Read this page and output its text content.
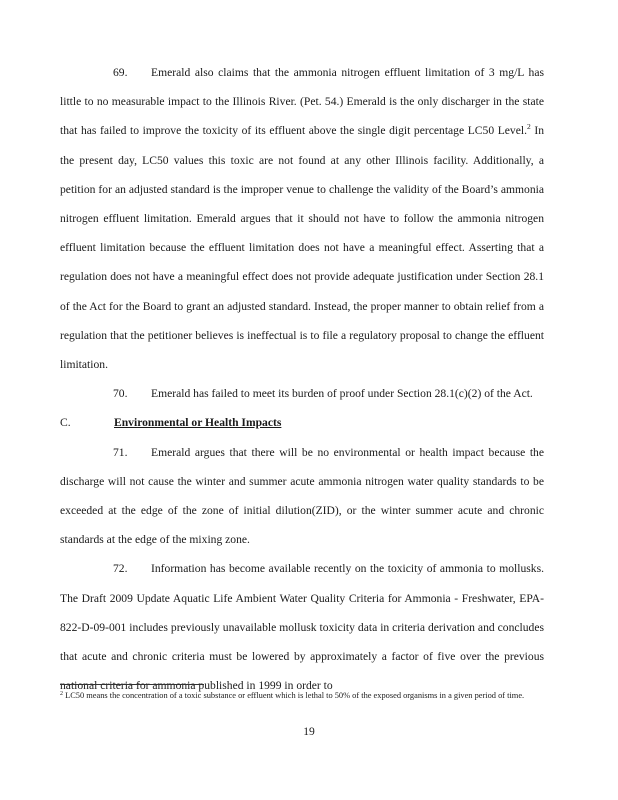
69. Emerald also claims that the ammonia nitrogen effluent limitation of 3 mg/L has little to no measurable impact to the Illinois River. (Pet. 54.) Emerald is the only discharger in the state that has failed to improve the toxicity of its effluent above the single digit percentage LC50 Level.$^2$ In the present day, LC50 values this toxic are not found at any other Illinois facility. Additionally, a petition for an adjusted standard is the improper venue to challenge the validity of the Board’s ammonia nitrogen effluent limitation. Emerald argues that it should not have to follow the ammonia nitrogen effluent limitation because the effluent limitation does not have a meaningful effect. Asserting that a regulation does not have a meaningful effect does not provide adequate justification under Section 28.1 of the Act for the Board to grant an adjusted standard. Instead, the proper manner to obtain relief from a regulation that the petitioner believes is ineffectual is to file a regulatory proposal to change the effluent limitation.

70. Emerald has failed to meet its burden of proof under Section 28.1(c)(2) of the Act.

C.	Environmental or Health Impacts

71. Emerald argues that there will be no environmental or health impact because the discharge will not cause the winter and summer acute ammonia nitrogen water quality standards to be exceeded at the edge of the zone of initial dilution(ZID), or the winter summer acute and chronic standards at the edge of the mixing zone.

72. Information has become available recently on the toxicity of ammonia to mollusks. The Draft 2009 Update Aquatic Life Ambient Water Quality Criteria for Ammonia - Freshwater, EPA-822-D-09-001 includes previously unavailable mollusk toxicity data in criteria derivation and concludes that acute and chronic criteria must be lowered by approximately a factor of five over the previous national criteria for ammonia published in 1999 in order to

$^2$ LC50 means the concentration of a toxic substance or effluent which is lethal to 50% of the exposed organisms in a given period of time.

19
